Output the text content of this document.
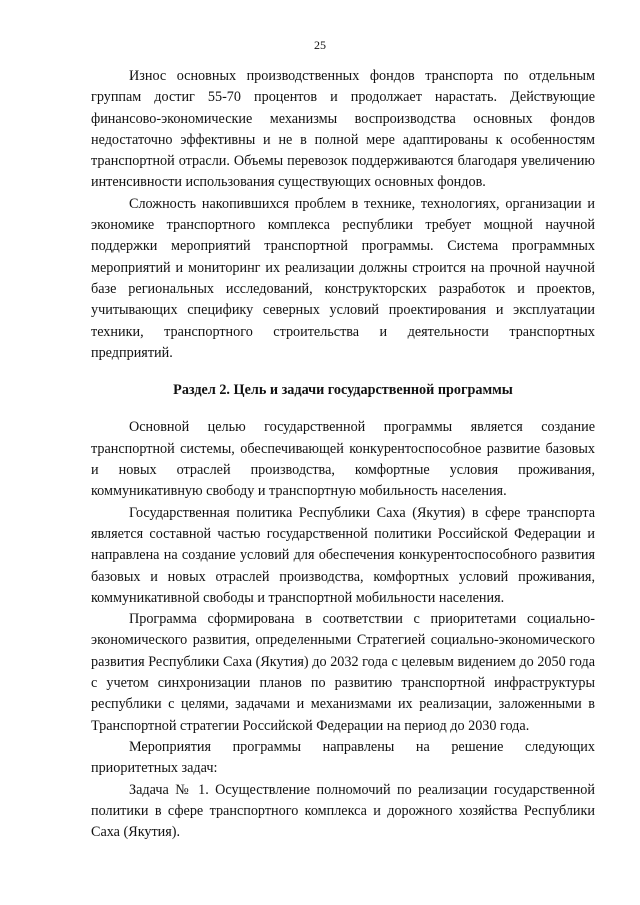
25

Износ основных производственных фондов транспорта по отдельным группам достиг 55-70 процентов и продолжает нарастать. Действующие финансово-экономические механизмы воспроизводства основных фондов недостаточно эффективны и не в полной мере адаптированы к особенностям транспортной отрасли. Объемы перевозок поддерживаются благодаря увеличению интенсивности использования существующих основных фондов.

Сложность накопившихся проблем в технике, технологиях, организации и экономике транспортного комплекса республики требует мощной научной поддержки мероприятий транспортной программы. Система программных мероприятий и мониторинг их реализации должны строится на прочной научной базе региональных исследований, конструкторских разработок и проектов, учитывающих специфику северных условий проектирования и эксплуатации техники, транспортного строительства и деятельности транспортных предприятий.

Раздел 2. Цель и задачи государственной программы

Основной целью государственной программы является создание транспортной системы, обеспечивающей конкурентоспособное развитие базовых и новых отраслей производства, комфортные условия проживания, коммуникативную свободу и транспортную мобильность населения.

Государственная политика Республики Саха (Якутия) в сфере транспорта является составной частью государственной политики Российской Федерации и направлена на создание условий для обеспечения конкурентоспособного развития базовых и новых отраслей производства, комфортных условий проживания, коммуникативной свободы и транспортной мобильности населения.

Программа сформирована в соответствии с приоритетами социально-экономического развития, определенными Стратегией социально-экономического развития Республики Саха (Якутия) до 2032 года с целевым видением до 2050 года с учетом синхронизации планов по развитию транспортной инфраструктуры республики с целями, задачами и механизмами их реализации, заложенными в Транспортной стратегии Российской Федерации на период до 2030 года.

Мероприятия программы направлены на решение следующих приоритетных задач:

Задача № 1. Осуществление полномочий по реализации государственной политики в сфере транспортного комплекса и дорожного хозяйства Республики Саха (Якутия).
